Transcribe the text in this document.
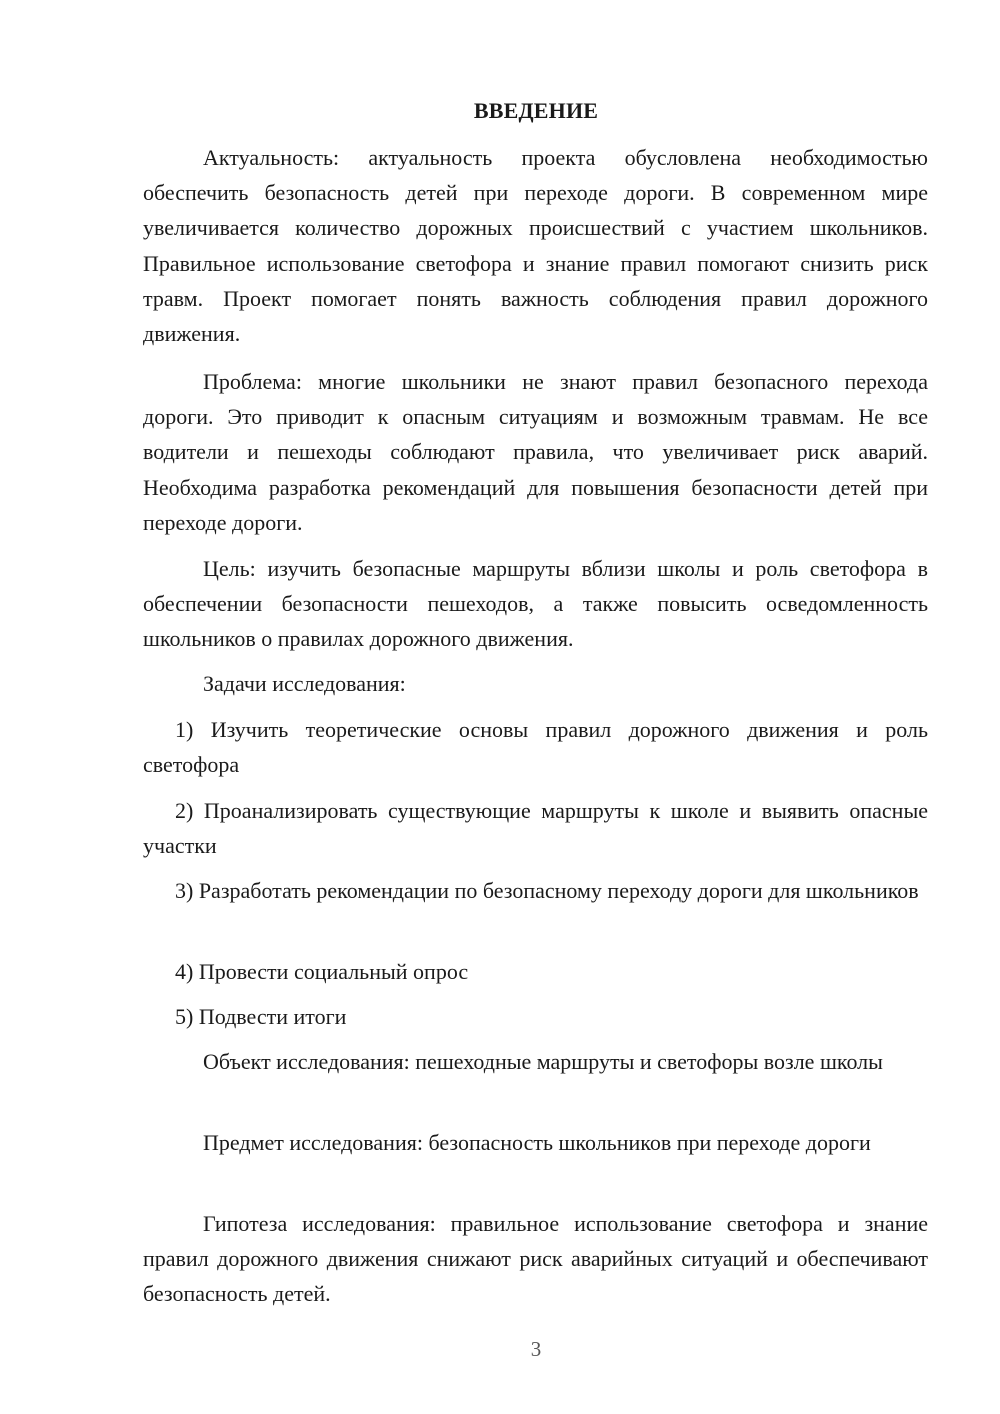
ВВЕДЕНИЕ

Актуальность: актуальность проекта обусловлена необходимостью обеспечить безопасность детей при переходе дороги. В современном мире увеличивается количество дорожных происшествий с участием школьников. Правильное использование светофора и знание правил помогают снизить риск травм. Проект помогает понять важность соблюдения правил дорожного движения.

Проблема: многие школьники не знают правил безопасного перехода дороги. Это приводит к опасным ситуациям и возможным травмам. Не все водители и пешеходы соблюдают правила, что увеличивает риск аварий. Необходима разработка рекомендаций для повышения безопасности детей при переходе дороги.

Цель: изучить безопасные маршруты вблизи школы и роль светофора в обеспечении безопасности пешеходов, а также повысить осведомленность школьников о правилах дорожного движения.

Задачи исследования:

1) Изучить теоретические основы правил дорожного движения и роль светофора

2) Проанализировать существующие маршруты к школе и выявить опасные участки

3) Разработать рекомендации по безопасному переходу дороги для школьников

4) Провести социальный опрос

5) Подвести итоги

Объект исследования: пешеходные маршруты и светофоры возле школы

Предмет исследования: безопасность школьников при переходе дороги

Гипотеза исследования: правильное использование светофора и знание правил дорожного движения снижают риск аварийных ситуаций и обеспечивают безопасность детей.

3
